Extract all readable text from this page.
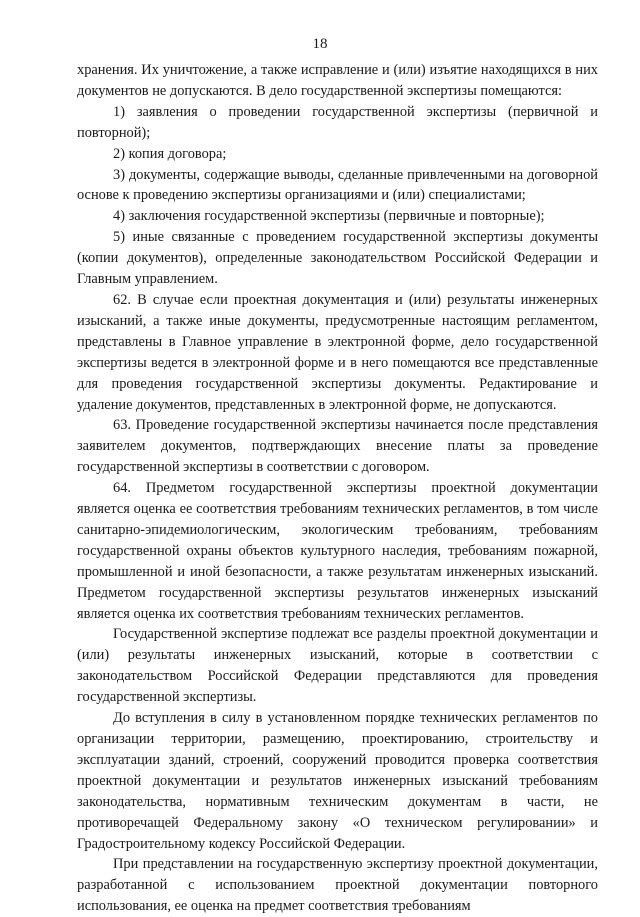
18

хранения. Их уничтожение, а также исправление и (или) изъятие находящихся в них документов не допускаются. В дело государственной экспертизы помещаются:

1) заявления о проведении государственной экспертизы (первичной и повторной);

2) копия договора;

3) документы, содержащие выводы, сделанные привлеченными на договорной основе к проведению экспертизы организациями и (или) специалистами;

4) заключения государственной экспертизы (первичные и повторные);

5) иные связанные с проведением государственной экспертизы документы (копии документов), определенные законодательством Российской Федерации и Главным управлением.

62. В случае если проектная документация и (или) результаты инженерных изысканий, а также иные документы, предусмотренные настоящим регламентом, представлены в Главное управление в электронной форме, дело государственной экспертизы ведется в электронной форме и в него помещаются все представленные для проведения государственной экспертизы документы. Редактирование и удаление документов, представленных в электронной форме, не допускаются.

63. Проведение государственной экспертизы начинается после представления заявителем документов, подтверждающих внесение платы за проведение государственной экспертизы в соответствии с договором.

64. Предметом государственной экспертизы проектной документации является оценка ее соответствия требованиям технических регламентов, в том числе санитарно-эпидемиологическим, экологическим требованиям, требованиям государственной охраны объектов культурного наследия, требованиям пожарной, промышленной и иной безопасности, а также результатам инженерных изысканий. Предметом государственной экспертизы результатов инженерных изысканий является оценка их соответствия требованиям технических регламентов.

Государственной экспертизе подлежат все разделы проектной документации и (или) результаты инженерных изысканий, которые в соответствии с законодательством Российской Федерации представляются для проведения государственной экспертизы.

До вступления в силу в установленном порядке технических регламентов по организации территории, размещению, проектированию, строительству и эксплуатации зданий, строений, сооружений проводится проверка соответствия проектной документации и результатов инженерных изысканий требованиям законодательства, нормативным техническим документам в части, не противоречащей Федеральному закону «О техническом регулировании» и Градостроительному кодексу Российской Федерации.

При представлении на государственную экспертизу проектной документации, разработанной с использованием проектной документации повторного использования, ее оценка на предмет соответствия требованиям
